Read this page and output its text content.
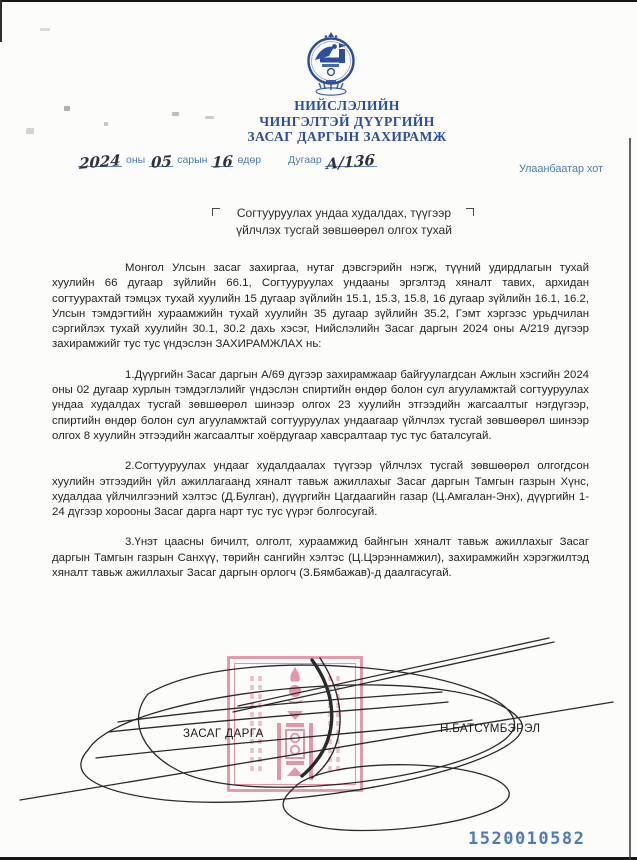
НИЙСЛЭЛИЙН
ЧИНГЭЛТЭЙ ДҮҮРГИЙН
ЗАСАГ ДАРГЫН ЗАХИРАМЖ
2024 оны 05 сарын 16 өдөр	Дугаар А/136	Улаанбаатар хот
Согтууруулах ундаа худалдах, түүгээр үйлчлэх тусгай зөвшөөрөл олгох тухай

Монгол Улсын засаг захиргаа, нутаг дэвсгэрийн нэгж, түүний удирдлагын тухай хуулийн 66 дугаар зүйлийн 66.1, Согтууруулах ундааны эргэлтэд хяналт тавих, архидан согтуурахтай тэмцэх тухай хуулийн 15 дугаар зүйлийн 15.1, 15.3, 15.8, 16 дугаар зүйлийн 16.1, 16.2, Улсын тэмдэгтийн хураамжийн тухай хуулийн 35 дугаар зүйлийн 35.2, Гэмт хэргээс урьдчилан сэргийлэх тухай хуулийн 30.1, 30.2 дахь хэсэг, Нийслэлийн Засаг даргын 2024 оны А/219 дүгээр захирамжийг тус тус үндэслэн ЗАХИРАМЖЛАХ нь:

1.Дүүргийн Засаг даргын А/69 дүгээр захирамжаар байгуулагдсан Ажлын хэсгийн 2024 оны 02 дугаар хурлын тэмдэглэлийг үндэслэн спиртийн өндөр болон сул агууламжтай согтууруулах ундаа худалдах тусгай зөвшөөрөл шинээр олгох 23 хуулийн этгээдийн жагсаалтыг нэгдүгээр, спиртийн өндөр болон сул агууламжтай согтууруулах ундаагаар үйлчлэх тусгай зөвшөөрөл шинээр олгох 8 хуулийн этгээдийн жагсаалтыг хоёрдугаар хавсралтаар тус тус баталсугай.

2.Согтууруулах ундааг худалдаалах түүгээр үйлчлэх тусгай зөвшөөрөл олгогдсон хуулийн этгээдийн үйл ажиллагаанд хяналт тавьж ажиллахыг Засаг даргын Тамгын газрын Хүнс, худалдаа үйлчилгээний хэлтэс (Д.Булган), дүүргийн Цагдаагийн газар (Ц.Амгалан-Энх), дүүргийн 1-24 дүгээр хорооны Засаг дарга нарт тус тус үүрэг болгосугай.

3.Үнэт цаасны бичилт, олголт, хураамжид байнгын хяналт тавьж ажиллахыг Засаг даргын Тамгын газрын Санхүү, төрийн сангийн хэлтэс (Ц.Цэрэннамжил), захирамжийн хэрэгжилтэд хяналт тавьж ажиллахыг Засаг даргын орлогч (З.Бямбажав)-д даалгасугай.

ЗАСАГ ДАРГА	Н.БАТСҮМБЭРЭЛ
1520010582
